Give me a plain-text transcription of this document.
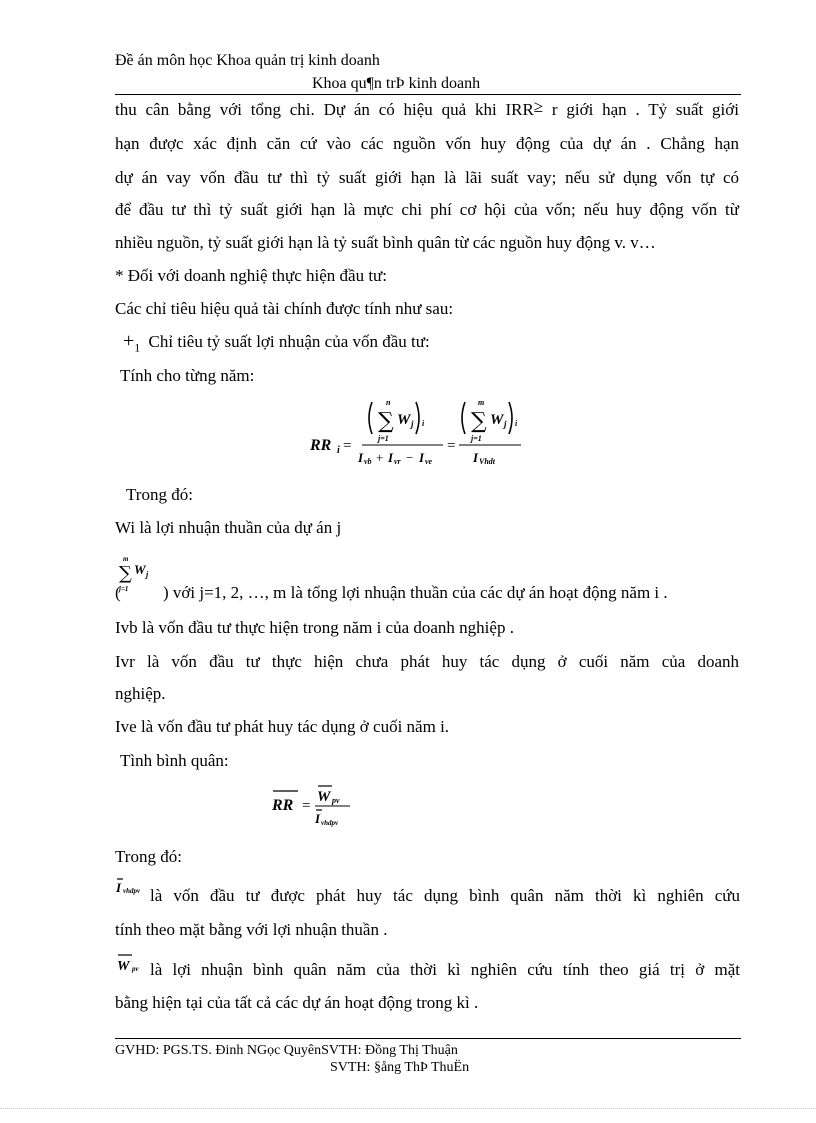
Đề án môn học Khoa quản trị kinh doanh
Khoa qu¶n trÞ kinh doanh
thu cân bằng với tổng chi. Dự án có hiệu quả khi IRR≥ r giới hạn . Tỷ suất giới
hạn được xác định căn cứ vào các nguồn vốn huy động của dự án . Chẳng hạn
dự án vay vốn đầu tư thì tỷ suất giới hạn là lãi suất vay; nếu sử dụng vốn tự có
để đầu tư thì tỷ suất giới hạn là mực chi phí cơ hội của vốn; nếu huy động vốn từ
nhiều nguồn, tỷ suất giới hạn là tỷ suất bình quân từ các nguồn huy động v. v…
* Đối với doanh nghiệ thực hiện đầu tư:
Các chỉ tiêu hiệu quả tài chính được tính như sau:
$+_1$ Chỉ tiêu tỷ suất lợi nhuận của vốn đầu tư:
Tính cho từng năm:
RR i =
n
∑
j=1
W j i
I vb + I vr − I ve
=
m
∑
j=1
W j i
I Vhdt
Trong đó:
Wi là lợi nhuận thuần của dự án j
m
∑
j=1
W j
( ) với j=1, 2, …, m là tổng lợi nhuận thuần của các dự án hoạt động năm i .
Ivb là vốn đầu tư thực hiện trong năm i của doanh nghiệp .
Ivr là vốn đầu tư thực hiện chưa phát huy tác dụng ở cuối năm của doanh
nghiệp.
Ive là vốn đầu tư phát huy tác dụng ở cuối năm i.
Tình bình quân:
RR =
W pv
I vhdpv
Trong đó:
I vhdpv là vốn đầu tư được phát huy tác dụng bình quân năm thời kì nghiên cứu
tính theo mặt bằng với lợi nhuận thuần .
W pv là lợi nhuận bình quân năm của thời kì nghiên cứu tính theo giá trị ở mặt
bằng hiện tại của tất cả các dự án hoạt động trong kì .
GVHD: PGS.TS. Đinh NGọc QuyênSVTH: Đồng Thị Thuận
SVTH: §ång ThÞ ThuËn
